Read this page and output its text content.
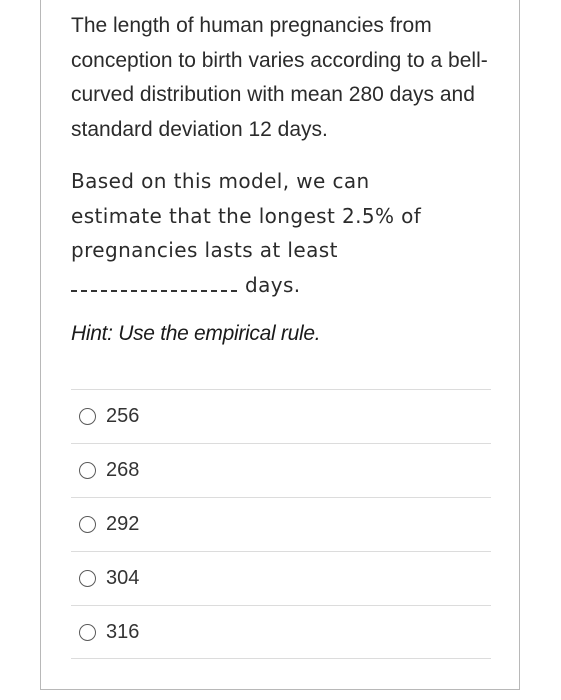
The length of human pregnancies from conception to birth varies according to a bell-curved distribution with mean 280 days and standard deviation 12 days.

Based on this model, we can
estimate that the longest 2.5% of
pregnancies lasts at least
days.

Hint: Use the empirical rule.
256
268
292
304
316
